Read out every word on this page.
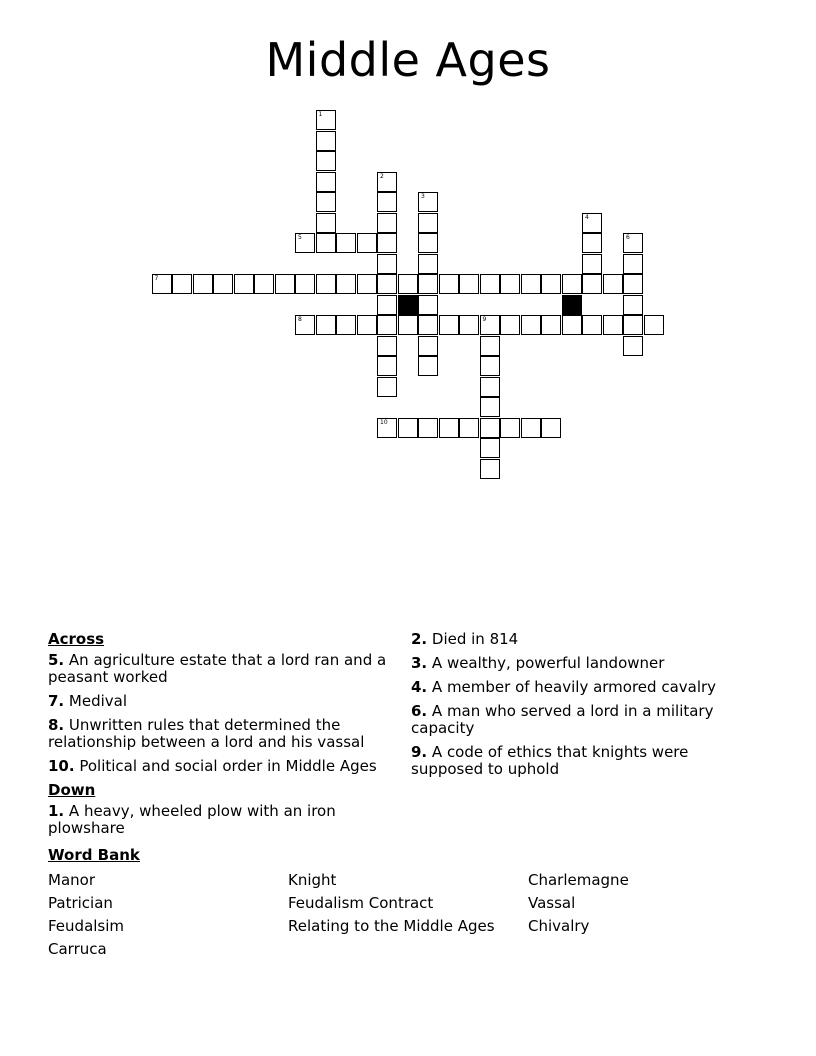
Middle Ages
1
2
3
4
5	6
7
8	9
10
Across
5. An agriculture estate that a lord ran and a peasant worked
7. Medival
8. Unwritten rules that determined the relationship between a lord and his vassal
10. Political and social order in Middle Ages
Down
1. A heavy, wheeled plow with an iron plowshare
2. Died in 814
3. A wealthy, powerful landowner
4. A member of heavily armored cavalry
6. A man who served a lord in a military capacity
9. A code of ethics that knights were supposed to uphold
Word Bank
Manor
Patrician
Feudalsim
Carruca
Knight
Feudalism Contract
Relating to the Middle Ages
Charlemagne
Vassal
Chivalry
